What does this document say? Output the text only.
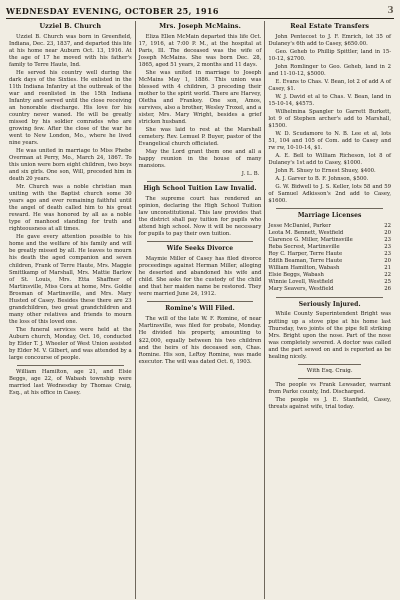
WEDNESDAY EVENING, OCTOBER 25, 1916	3
Uzziel B. Church
Uzziel B. Church was born in Greenfield, Indiana, Dec. 23, 1837, and departed this life at his home near Auburn Oct. 13, 1916. At the age of 17 he moved with his father's family to Terre Haute, Ind.
He served his country well during the dark days of the Sixties. He enlisted in the 11th Indiana Infantry at the outbreak of the war and reenlisted in the 15th Indiana Infantry and served until the close receiving an honorable discharge. His love for his country never waned. He will be greatly missed by his soldier comrades who are growing few. After the close of the war he went to New London, Mo., where he lived nine years.
He was united in marriage to Miss Phebe Overman at Perry, Mo., March 24, 1867. To this union were born eight children, two boys and six girls. One son, Will, preceded him in death 20 years.
Mr. Church was a noble christian man uniting with the Baptist church some 30 years ago and ever remaining faithful until the angel of death called him to his great reward. He was honored by all as a noble type of manhood standing for truth and righteousness at all times.
He gave every attention possible to his home and the welfare of his family and will be greatly missed by all. He leaves to mourn his death the aged companion and seven children, Frank of Terre Haute, Mrs. Maggie Smittkamp of Marshall, Mrs. Mattie Barlow of St. Louis, Mrs. Etta Shaffner of Martinsville, Miss Cora at home, Mrs. Goldie Brosman of Martinsville, and Mrs. Mary Husted of Casey. Besides these there are 23 grandchildren, two great grandchildren and many other relatives and friends to mourn the loss of this loved one.
The funeral services were held at the Auburn church, Monday, Oct. 16, conducted by Elder T. J. Wheeler of West Union assisted by Elder M. V. Gilbert, and was attended by a large concourse of people.
William Hamilton, age 21, and Elsie Beggs, age 22, of Wabash township were married last Wednesday by Thomas Craig, Esq., at his office in Casey.
Mrs. Joseph McMains.
Eliza Ellen McMain departed this life Oct. 17, 1916, at 7:00 P. M., at the hospital at Paris, Ill. The deceased was the wife of Joseph McMains. She was born Dec. 28, 1865, aged 51 years, 2 months and 11 days.
She was united in marriage to Joseph McMains May 1, 1886. This union was blessed with 4 children, 3 preceding their mother to the spirit world. There are Harvey, Oletha and Frankey. One son, Amos, survives, also a brother, Wesley Troxel, and a sister, Mrs. Mary Wright, besides a grief stricken husband.
She was laid to rest at the Marshall cemetery. Rev. Lemuel P. Buyer, pastor of the Evangelical church officiated.
May the Lord grant them one and all a happy reunion in the house of many mansions.
J. L. B.
High School Tuition Law Invalid.
The supreme court has rendered an opinion, declaring the High School Tuition law unconstitutional. This law provides that the district shall pay tuition for pupils who attend high school. Now it will be necessary for pupils to pay their own tuition.
Wife Seeks Divorce
Maymie Miller of Casey has filed divorce proceedings against Herman Miller, alleging he deserted and abandoned his wife and child. She asks for the custody of the child and that her maiden name be restored. They were married June 24, 1912.
Romine's Will Filed.
The will of the late W. F. Romine, of near Martinsville, was filed for probate, Monday. He divided his property, amounting to $22,000, equally between his two children and the heirs of his deceased son, Chas. Romine. His son, LeRoy Romine, was made executor. The will was dated Oct. 6, 1903.
Real Estate Transfers
John Pentecost to J. F. Emrich, lot 35 of Dulaney's 6th add to Casey, $650.00.
Geo. Geheb to Phillip Spittler, land in 15-10-12, $2700.
John Romlinger to Geo. Geheb, land in 2 and 11-10-12, $5000.
E. Evans to Chas. V. Bean, lot 2 of add A of Casey, $1.
W. J. David et al to Chas. V. Bean, land in 15-10-14, $4575.
Wilhelmina Spangler to Garrett Burkett, lot 9 of Stephen archer's add to Marshall, $1500.
W. D. Scudamore to N. B. Lee et al, lots 51, 104 and 105 of Com. add to Casey and rw rw, 10-10-14, $1.
A. E. Bell to William Richeson, lot 8 of Dulaney's 1st add to Casey, $1000.
John R. Shuey to Ernest Shuey, $400.
A. J. Garver to B. F. Johnson, $500.
G. W. Bidwell to J. S. Keller, lots 58 and 59 of Samuel Adkisson's 2nd add to Casey, $1600.
Marriage Licenses
Jesse McDaniel, Parker	22
Leota M. Bennett, Westfield	20
Clarence G. Miller, Martinsville	23
Reba Secrest, Martinsville	23
Roy C. Harper, Terre Haute	23
Edith Beaman, Terre Haute	20
William Hamilton, Wabash	21
Elsie Beggs, Wabash	22
Winnie Lovell, Westfield	25
Mary Seavers, Westfield	26
Seriously Injured.
While County Superintendent Bright was putting up a stove pipe at his home last Thursday, two joints of the pipe fell striking Mrs. Bright upon the nose. Part of the nose was completely severed. A doctor was called and the part sewed on and is reported as be healing nicely.
With Esq. Craig.
The people vs Frank Lewsader, warrant from Parke county, Ind. Discharged.
The people vs J. E. Stanfield, Casey, threats against wife, trial today.
